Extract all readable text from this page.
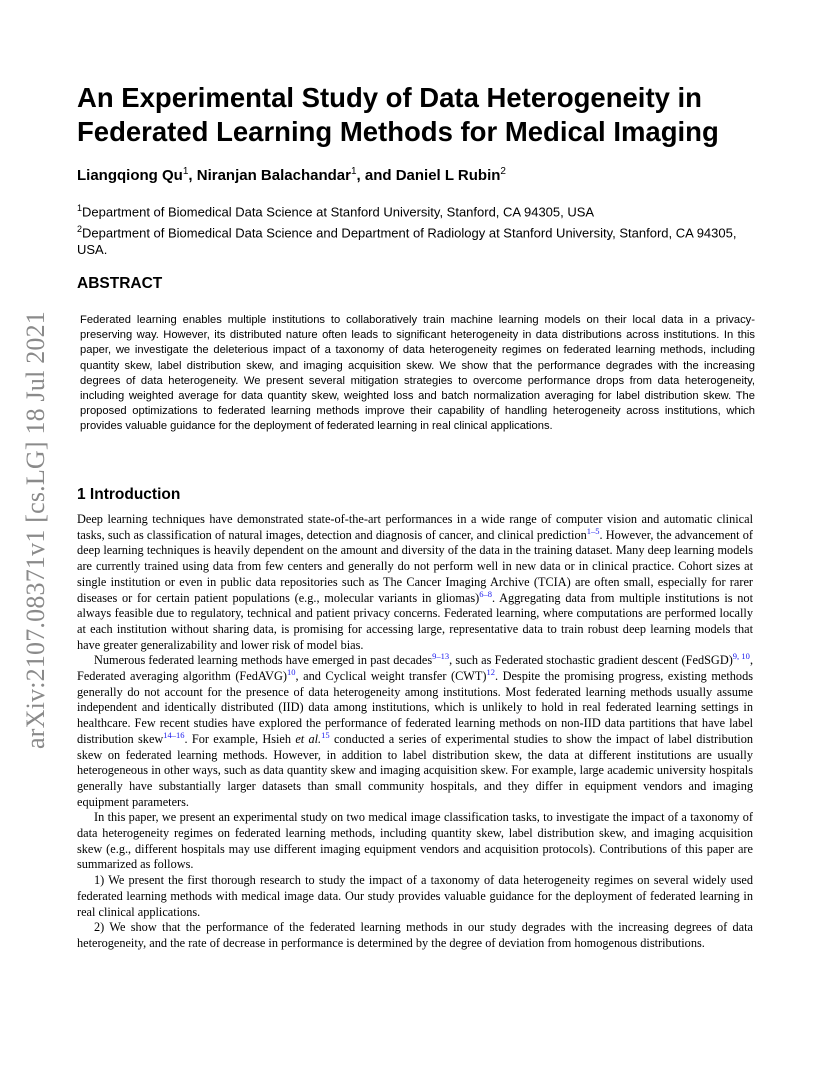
arXiv:2107.08371v1 [cs.LG] 18 Jul 2021
An Experimental Study of Data Heterogeneity in Federated Learning Methods for Medical Imaging
Liangqiong Qu$^1$, Niranjan Balachandar$^1$, and Daniel L Rubin$^2$
$^1$Department of Biomedical Data Science at Stanford University, Stanford, CA 94305, USA
$^2$Department of Biomedical Data Science and Department of Radiology at Stanford University, Stanford, CA 94305, USA.
ABSTRACT
Federated learning enables multiple institutions to collaboratively train machine learning models on their local data in a privacy-preserving way. However, its distributed nature often leads to significant heterogeneity in data distributions across institutions. In this paper, we investigate the deleterious impact of a taxonomy of data heterogeneity regimes on federated learning methods, including quantity skew, label distribution skew, and imaging acquisition skew. We show that the performance degrades with the increasing degrees of data heterogeneity. We present several mitigation strategies to overcome performance drops from data heterogeneity, including weighted average for data quantity skew, weighted loss and batch normalization averaging for label distribution skew. The proposed optimizations to federated learning methods improve their capability of handling heterogeneity across institutions, which provides valuable guidance for the deployment of federated learning in real clinical applications.
1 Introduction

Deep learning techniques have demonstrated state-of-the-art performances in a wide range of computer vision and automatic clinical tasks, such as classification of natural images, detection and diagnosis of cancer, and clinical prediction$^{1-5}$. However, the advancement of deep learning techniques is heavily dependent on the amount and diversity of the data in the training dataset. Many deep learning models are currently trained using data from few centers and generally do not perform well in new data or in clinical practice. Cohort sizes at single institution or even in public data repositories such as The Cancer Imaging Archive (TCIA) are often small, especially for rarer diseases or for certain patient populations (e.g., molecular variants in gliomas)$^{6-8}$. Aggregating data from multiple institutions is not always feasible due to regulatory, technical and patient privacy concerns. Federated learning, where computations are performed locally at each institution without sharing data, is promising for accessing large, representative data to train robust deep learning models that have greater generalizability and lower risk of model bias.

Numerous federated learning methods have emerged in past decades$^{9-13}$, such as Federated stochastic gradient descent (FedSGD)$^{9, 10}$, Federated averaging algorithm (FedAVG)$^{10}$, and Cyclical weight transfer (CWT)$^{12}$. Despite the promising progress, existing methods generally do not account for the presence of data heterogeneity among institutions. Most federated learning methods usually assume independent and identically distributed (IID) data among institutions, which is unlikely to hold in real federated learning settings in healthcare. Few recent studies have explored the performance of federated learning methods on non-IID data partitions that have label distribution skew$^{14-16}$. For example, Hsieh et al.$^{15}$ conducted a series of experimental studies to show the impact of label distribution skew on federated learning methods. However, in addition to label distribution skew, the data at different institutions are usually heterogeneous in other ways, such as data quantity skew and imaging acquisition skew. For example, large academic university hospitals generally have substantially larger datasets than small community hospitals, and they differ in equipment vendors and imaging equipment parameters.

In this paper, we present an experimental study on two medical image classification tasks, to investigate the impact of a taxonomy of data heterogeneity regimes on federated learning methods, including quantity skew, label distribution skew, and imaging acquisition skew (e.g., different hospitals may use different imaging equipment vendors and acquisition protocols). Contributions of this paper are summarized as follows.

1) We present the first thorough research to study the impact of a taxonomy of data heterogeneity regimes on several widely used federated learning methods with medical image data. Our study provides valuable guidance for the deployment of federated learning in real clinical applications.

2) We show that the performance of the federated learning methods in our study degrades with the increasing degrees of data heterogeneity, and the rate of decrease in performance is determined by the degree of deviation from homogenous distributions.
